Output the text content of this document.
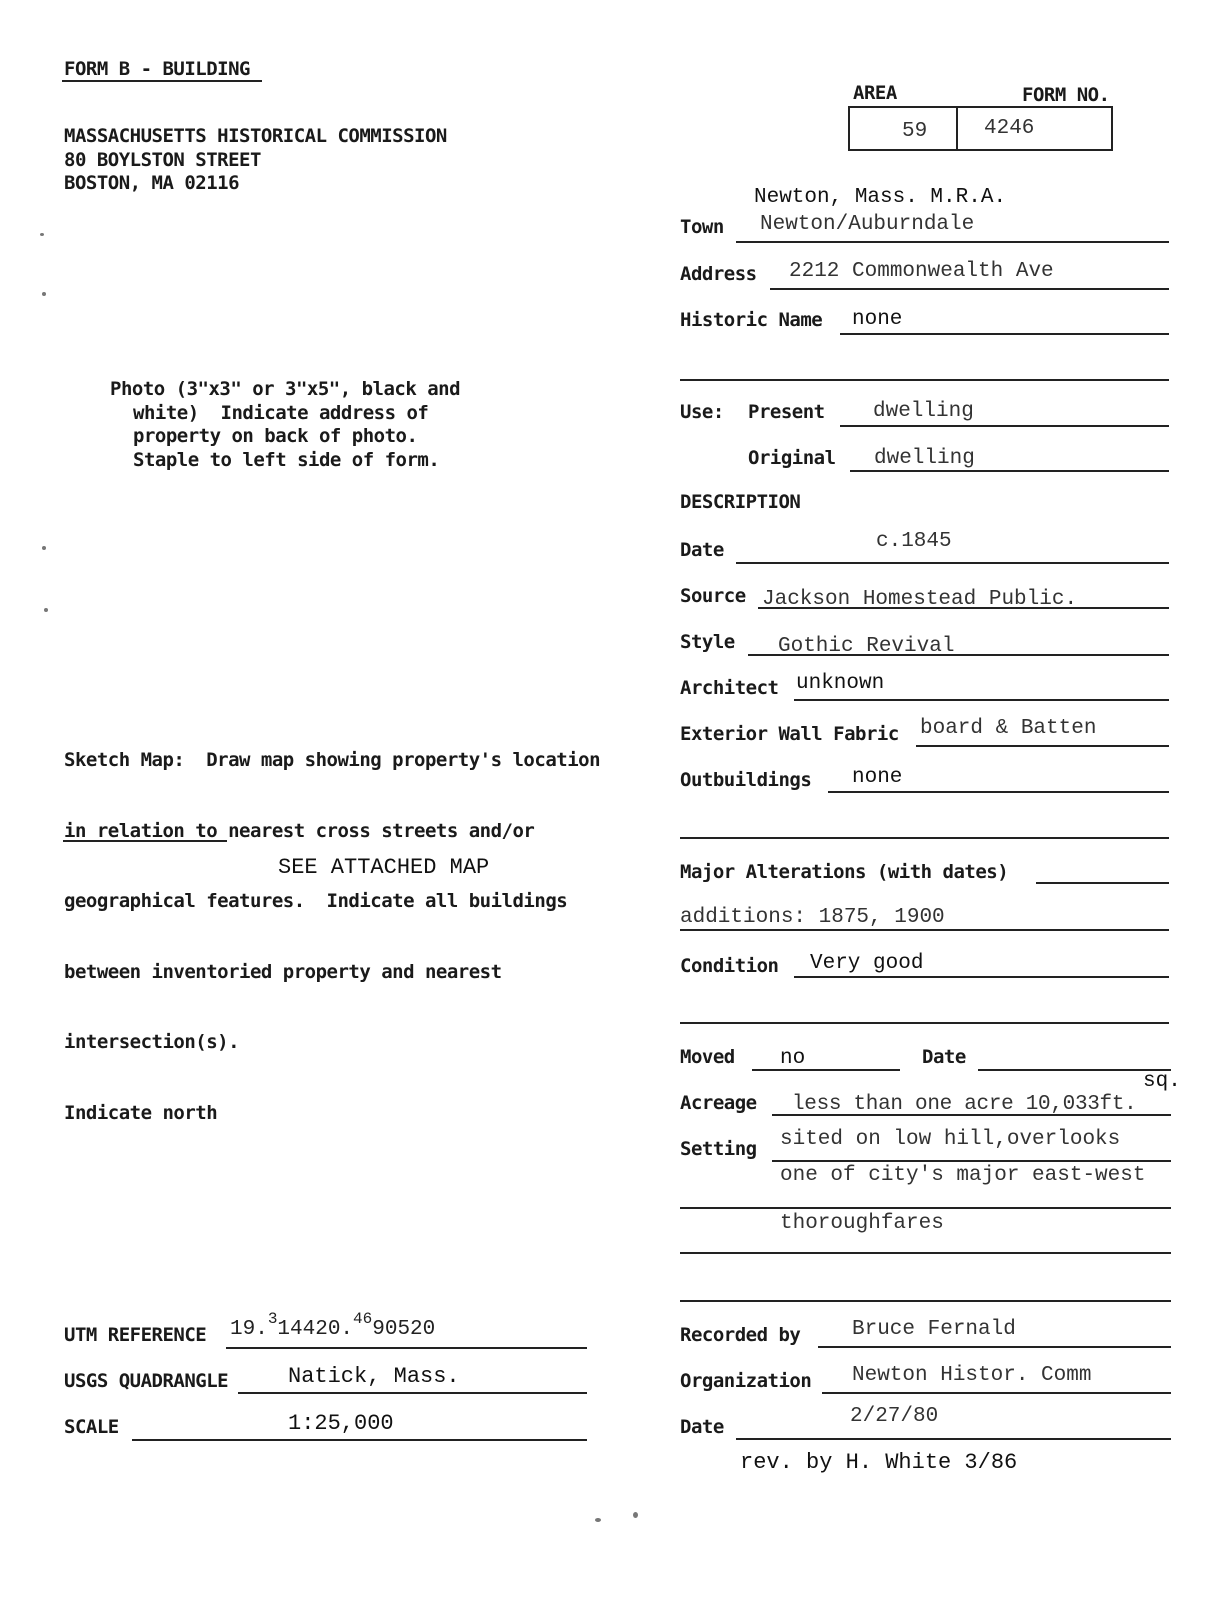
FORM B - BUILDING
MASSACHUSETTS HISTORICAL COMMISSION
80 BOYLSTON STREET
BOSTON, MA 02116
AREA	FORM NO.
59	4246
Newton, Mass. M.R.A.
Town Newton/Auburndale
Address 2212 Commonwealth Ave
Historic Name none
Use: Present dwelling
Original dwelling
DESCRIPTION
Date	c.1845
Source Jackson Homestead Public.
Style Gothic Revival
Architect unknown
Exterior Wall Fabric board & Batten
Outbuildings none
Major Alterations (with dates)
additions: 1875, 1900
Condition Very good
Moved no	Date
sq.
Acreage less than one acre 10,033ft.
Setting sited on low hill,overlooks
one of city's major east-west
thoroughfares
Recorded by Bruce Fernald
Organization Newton Histor. Comm
Date	2/27/80
rev. by H. White 3/86
Photo (3"x3" or 3"x5", black and
white)  Indicate address of
property on back of photo.
Staple to left side of form.

Sketch Map:  Draw map showing property's location

in relation to nearest cross streets and/or

geographical features.  Indicate all buildings

between inventoried property and nearest

intersection(s).

Indicate north

SEE ATTACHED MAP
UTM REFERENCE 19.$^3$14420.4690520
USGS QUADRANGLE	Natick, Mass.
SCALE	1:25,000
